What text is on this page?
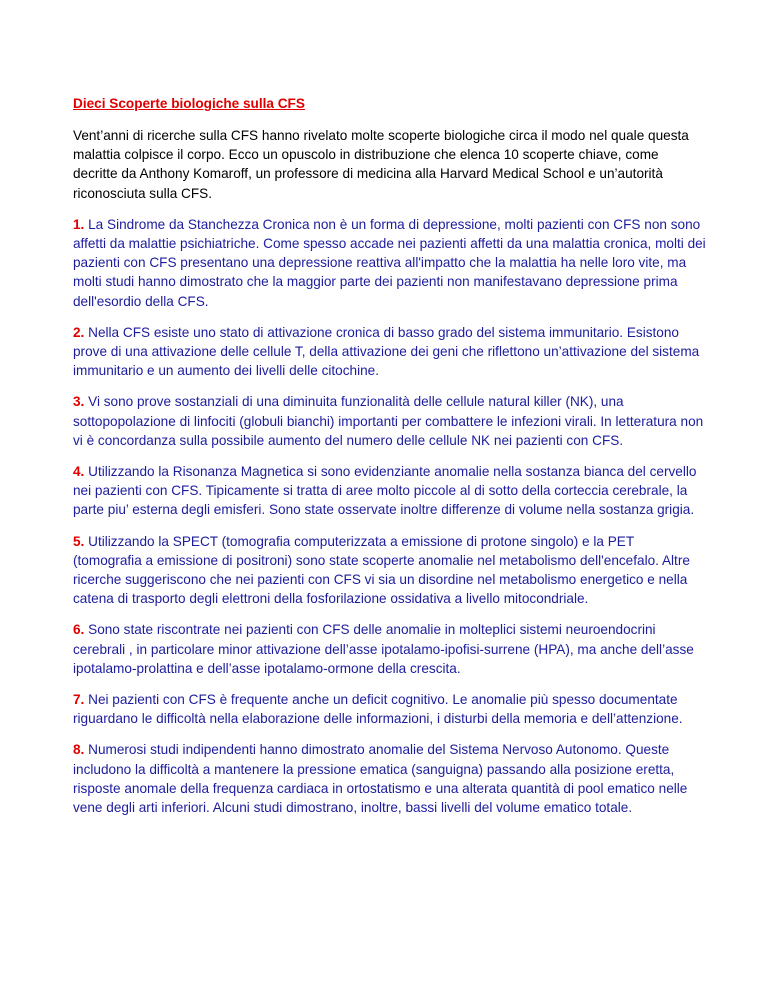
Dieci Scoperte biologiche sulla CFS

Vent’anni di ricerche sulla CFS hanno rivelato molte scoperte biologiche circa il modo nel quale questa malattia colpisce il corpo. Ecco un opuscolo in distribuzione che elenca 10 scoperte chiave, come decritte da Anthony Komaroff, un professore di medicina alla Harvard Medical School e un’autorità riconosciuta sulla CFS.

1. La Sindrome da Stanchezza Cronica non è un forma di depressione, molti pazienti con CFS non sono affetti da malattie psichiatriche. Come spesso accade nei pazienti affetti da una malattia cronica, molti dei pazienti con CFS presentano una depressione reattiva all'impatto che la malattia ha nelle loro vite, ma molti studi hanno dimostrato che la maggior parte dei pazienti non manifestavano depressione prima dell'esordio della CFS.

2. Nella CFS esiste uno stato di attivazione cronica di basso grado del sistema immunitario. Esistono prove di una attivazione delle cellule T, della attivazione dei geni che riflettono un’attivazione del sistema immunitario e un aumento dei livelli delle citochine.

3. Vi sono prove sostanziali di una diminuita funzionalità delle cellule natural killer (NK), una sottopopolazione di linfociti (globuli bianchi) importanti per combattere le infezioni virali. In letteratura non vi è concordanza sulla possibile aumento del numero delle cellule NK nei pazienti con CFS.

4. Utilizzando la Risonanza Magnetica si sono evidenziante anomalie nella sostanza bianca del cervello nei pazienti con CFS. Tipicamente si tratta di aree molto piccole al di sotto della corteccia cerebrale, la parte piu’ esterna degli emisferi. Sono state osservate inoltre differenze di volume nella sostanza grigia.

5. Utilizzando la SPECT (tomografia computerizzata a emissione di protone singolo) e la PET (tomografia a emissione di positroni) sono state scoperte anomalie nel metabolismo dell'encefalo. Altre ricerche suggeriscono che nei pazienti con CFS vi sia un disordine nel metabolismo energetico e nella catena di trasporto degli elettroni della fosforilazione ossidativa a livello mitocondriale.

6. Sono state riscontrate nei pazienti con CFS delle anomalie in molteplici sistemi neuroendocrini cerebrali , in particolare minor attivazione dell’asse ipotalamo-ipofisi-surrene (HPA), ma anche dell’asse ipotalamo-prolattina e dell’asse ipotalamo-ormone della crescita.

7. Nei pazienti con CFS è frequente anche un deficit cognitivo. Le anomalie più spesso documentate riguardano le difficoltà nella elaborazione delle informazioni, i disturbi della memoria e dell’attenzione.

8. Numerosi studi indipendenti hanno dimostrato anomalie del Sistema Nervoso Autonomo. Queste includono la difficoltà a mantenere la pressione ematica (sanguigna) passando alla posizione eretta, risposte anomale della frequenza cardiaca in ortostatismo e una alterata quantità di pool ematico nelle vene degli arti inferiori. Alcuni studi dimostrano, inoltre, bassi livelli del volume ematico totale.
